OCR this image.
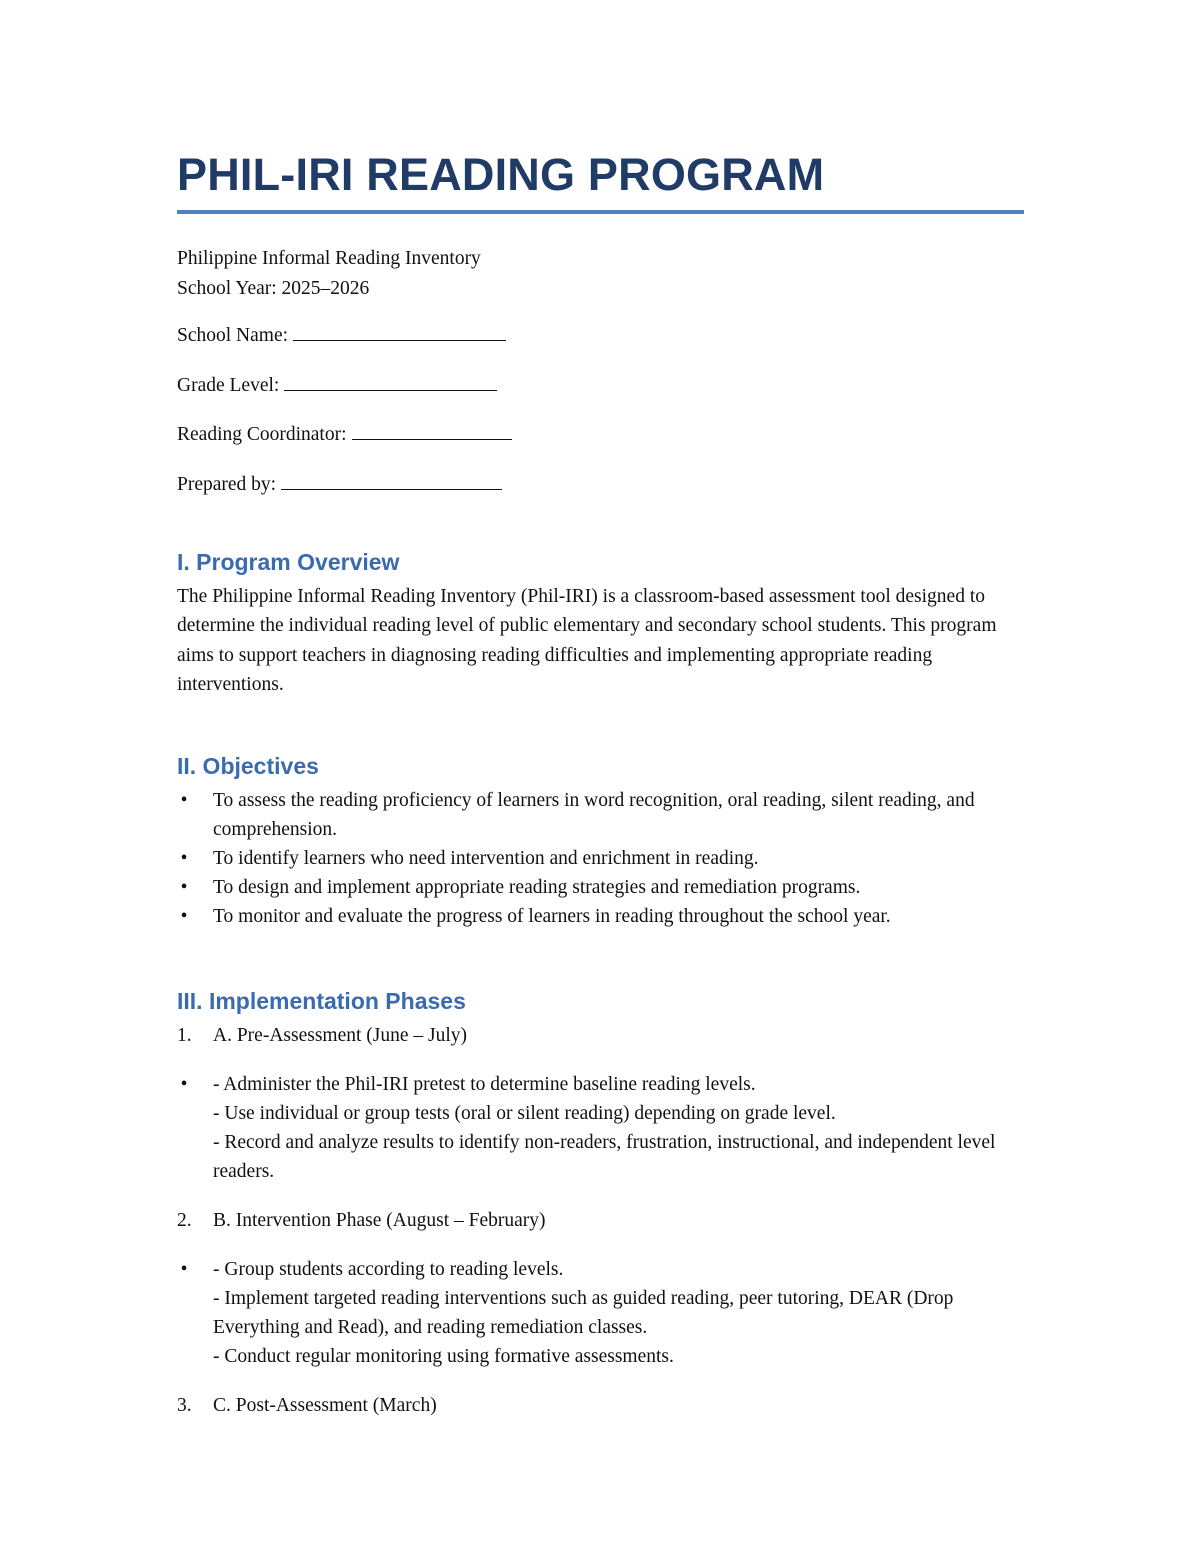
PHIL-IRI READING PROGRAM
Philippine Informal Reading Inventory
School Year: 2025–2026
School Name:
Grade Level:
Reading Coordinator:
Prepared by:
I. Program Overview
The Philippine Informal Reading Inventory (Phil-IRI) is a classroom-based assessment tool designed to determine the individual reading level of public elementary and secondary school students. This program aims to support teachers in diagnosing reading difficulties and implementing appropriate reading interventions.
II. Objectives
• To assess the reading proficiency of learners in word recognition, oral reading, silent reading, and comprehension.
• To identify learners who need intervention and enrichment in reading.
• To design and implement appropriate reading strategies and remediation programs.
• To monitor and evaluate the progress of learners in reading throughout the school year.
III. Implementation Phases
1. A. Pre-Assessment (June – July)
• - Administer the Phil-IRI pretest to determine baseline reading levels.
- Use individual or group tests (oral or silent reading) depending on grade level.
- Record and analyze results to identify non-readers, frustration, instructional, and independent level readers.
2. B. Intervention Phase (August – February)
• - Group students according to reading levels.
- Implement targeted reading interventions such as guided reading, peer tutoring, DEAR (Drop Everything and Read), and reading remediation classes.
- Conduct regular monitoring using formative assessments.
3. C. Post-Assessment (March)
